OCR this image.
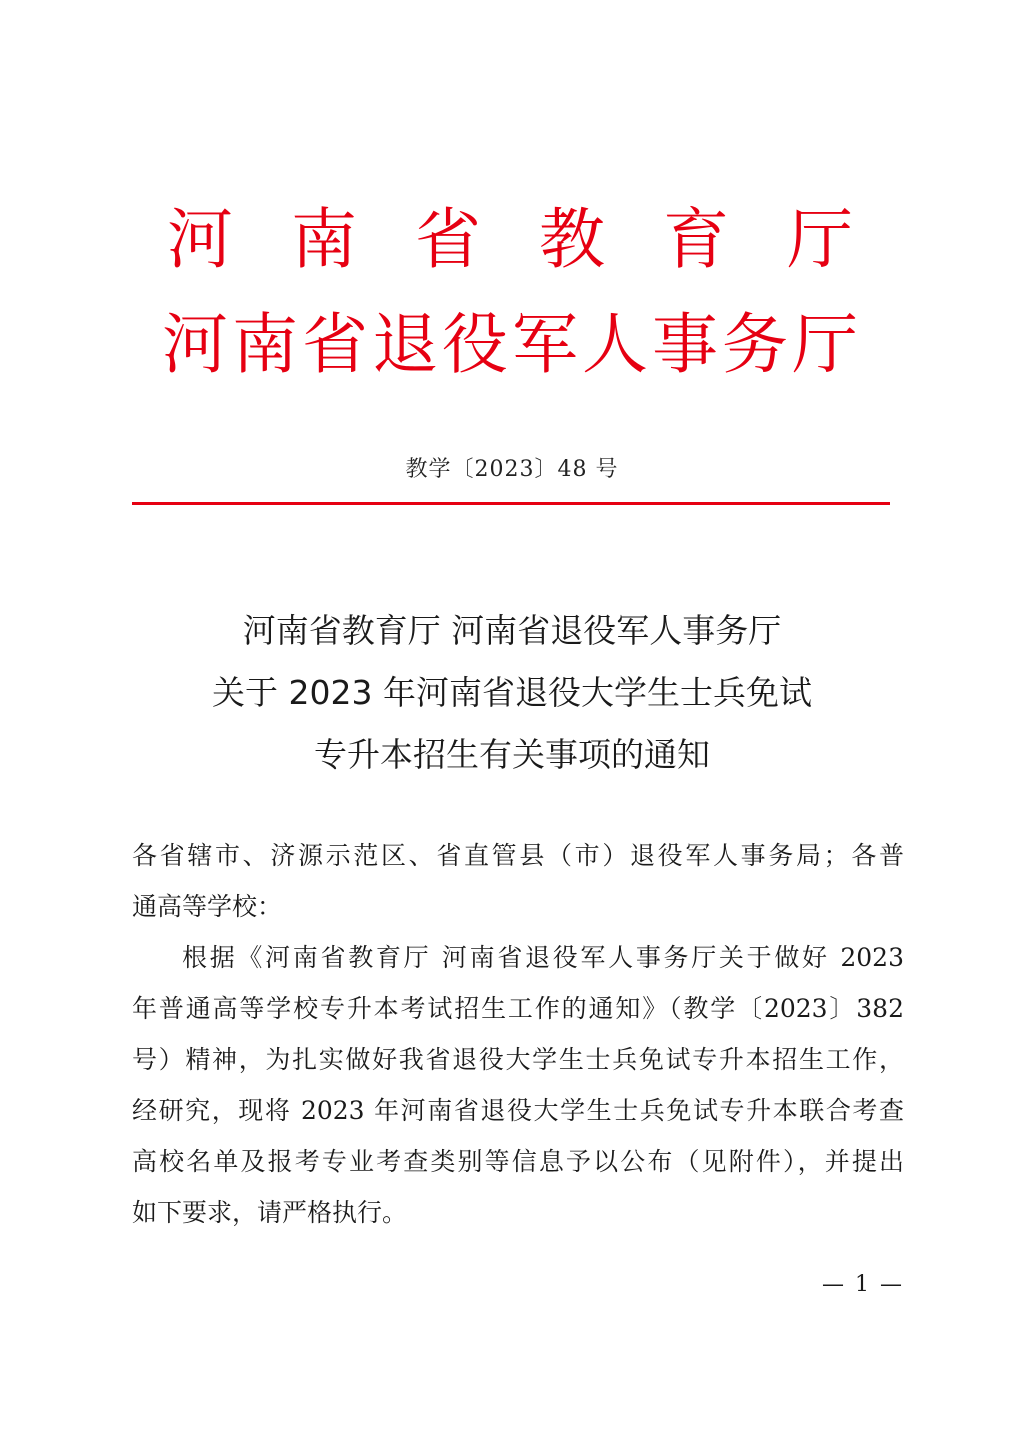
河 南 省 教 育 厅
河 南 省 退 役 军 人 事 务 厅
教学〔2023〕48 号
河南省教育厅 河南省退役军人事务厅
关于 2023 年河南省退役大学生士兵免试
专升本招生有关事项的通知
各省辖市、济源示范区、省直管县（市）退役军人事务局；各普
通高等学校：
根据《河南省教育厅 河南省退役军人事务厅关于做好 2023
年普通高等学校专升本考试招生工作的通知》（教学〔2023〕382
号）精神，为扎实做好我省退役大学生士兵免试专升本招生工作，
经研究，现将 2023 年河南省退役大学生士兵免试专升本联合考查
高校名单及报考专业考查类别等信息予以公布（见附件），并提出
如下要求，请严格执行。
— 1 —
